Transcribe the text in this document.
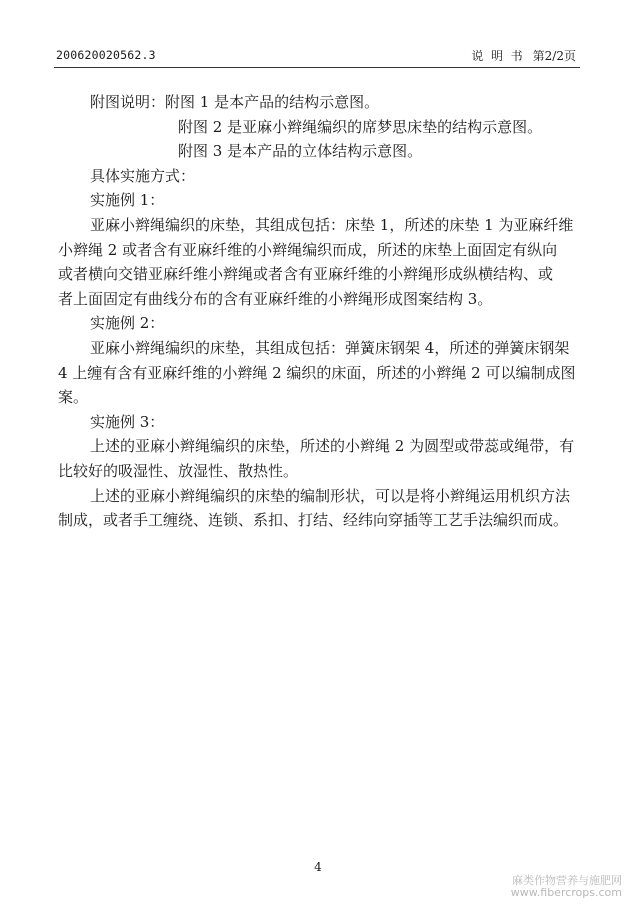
200620020562.3	说  明  书 第2/2页
附图说明：附图 1 是本产品的结构示意图。
附图 2 是亚麻小辫绳编织的席梦思床垫的结构示意图。
附图 3 是本产品的立体结构示意图。
具体实施方式：
实施例 1：
亚麻小辫绳编织的床垫，其组成包括：床垫 1，所述的床垫 1 为亚麻纤维
小辫绳 2 或者含有亚麻纤维的小辫绳编织而成，所述的床垫上面固定有纵向
或者横向交错亚麻纤维小辫绳或者含有亚麻纤维的小辫绳形成纵横结构、或
者上面固定有曲线分布的含有亚麻纤维的小辫绳形成图案结构 3。
实施例 2：
亚麻小辫绳编织的床垫，其组成包括：弹簧床钢架 4，所述的弹簧床钢架
4 上缠有含有亚麻纤维的小辫绳 2 编织的床面，所述的小辫绳 2 可以编制成图
案。
实施例 3：
上述的亚麻小辫绳编织的床垫，所述的小辫绳 2 为圆型或带蕊或绳带，有
比较好的吸湿性、放湿性、散热性。
上述的亚麻小辫绳编织的床垫的编制形状，可以是将小辫绳运用机织方法
制成，或者手工缠绕、连锁、系扣、打结、经纬向穿插等工艺手法编织而成。
4
麻类作物营养与施肥网
www.fibercrops.com
